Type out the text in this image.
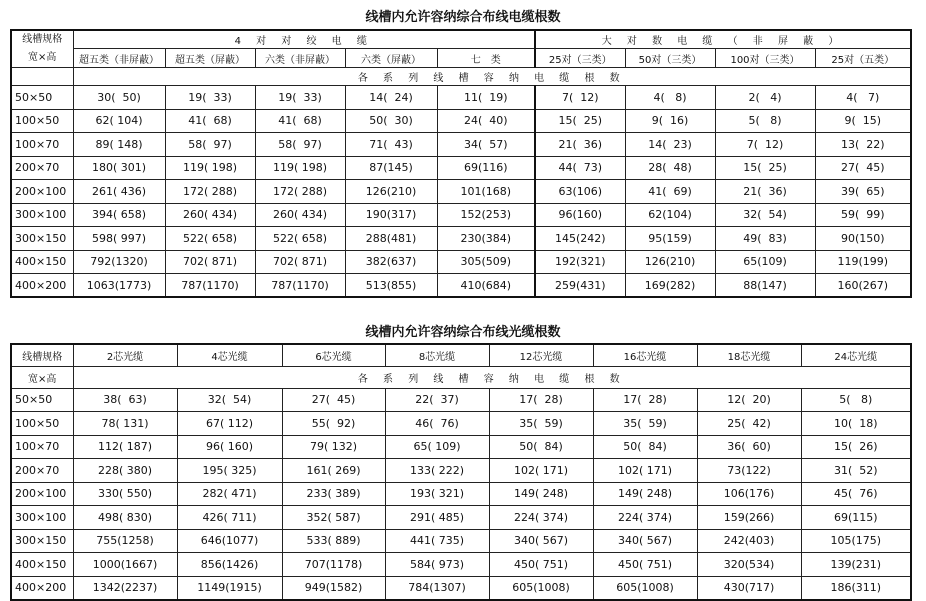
线槽内允许容纳综合布线电缆根数
线槽规格
宽×高	4 对 对 绞 电 缆					大 对 数 电 缆 （ 非 屏 蔽 ）			
	超五类（非屏蔽）	超五类（屏蔽）	六类（非屏蔽）	六类（屏蔽）	七　类	25对（三类）	50对（三类）	100对（三类）	25对（五类）
	各 系 列 线 槽 容 纳 电 缆 根 数								
50×50	30(  50)	19(  33)	19(  33)	14(  24)	11(  19)	7(  12)	4(   8)	2(   4)	4(   7)
100×50	62( 104)	41(  68)	41(  68)	50(  30)	24(  40)	15(  25)	9(  16)	5(   8)	9(  15)
100×70	89( 148)	58(  97)	58(  97)	71(  43)	34(  57)	21(  36)	14(  23)	7(  12)	13(  22)
200×70	180( 301)	119( 198)	119( 198)	87(145)	69(116)	44(  73)	28(  48)	15(  25)	27(  45)
200×100	261( 436)	172( 288)	172( 288)	126(210)	101(168)	63(106)	41(  69)	21(  36)	39(  65)
300×100	394( 658)	260( 434)	260( 434)	190(317)	152(253)	96(160)	62(104)	32(  54)	59(  99)
300×150	598( 997)	522( 658)	522( 658)	288(481)	230(384)	145(242)	95(159)	49(  83)	90(150)
400×150	792(1320)	702( 871)	702( 871)	382(637)	305(509)	192(321)	126(210)	65(109)	119(199)
400×200	1063(1773)	787(1170)	787(1170)	513(855)	410(684)	259(431)	169(282)	88(147)	160(267)
线槽内允许容纳综合布线光缆根数
线槽规格	2芯光缆	4芯光缆	6芯光缆	8芯光缆	12芯光缆	16芯光缆	18芯光缆	24芯光缆
宽×高	各 系 列 线 槽 容 纳 电 缆 根 数							
50×50	38(  63)	32(  54)	27(  45)	22(  37)	17(  28)	17(  28)	12(  20)	5(   8)
100×50	78( 131)	67( 112)	55(  92)	46(  76)	35(  59)	35(  59)	25(  42)	10(  18)
100×70	112( 187)	96( 160)	79( 132)	65( 109)	50(  84)	50(  84)	36(  60)	15(  26)
200×70	228( 380)	195( 325)	161( 269)	133( 222)	102( 171)	102( 171)	73(122)	31(  52)
200×100	330( 550)	282( 471)	233( 389)	193( 321)	149( 248)	149( 248)	106(176)	45(  76)
300×100	498( 830)	426( 711)	352( 587)	291( 485)	224( 374)	224( 374)	159(266)	69(115)
300×150	755(1258)	646(1077)	533( 889)	441( 735)	340( 567)	340( 567)	242(403)	105(175)
400×150	1000(1667)	856(1426)	707(1178)	584( 973)	450( 751)	450( 751)	320(534)	139(231)
400×200	1342(2237)	1149(1915)	949(1582)	784(1307)	605(1008)	605(1008)	430(717)	186(311)
